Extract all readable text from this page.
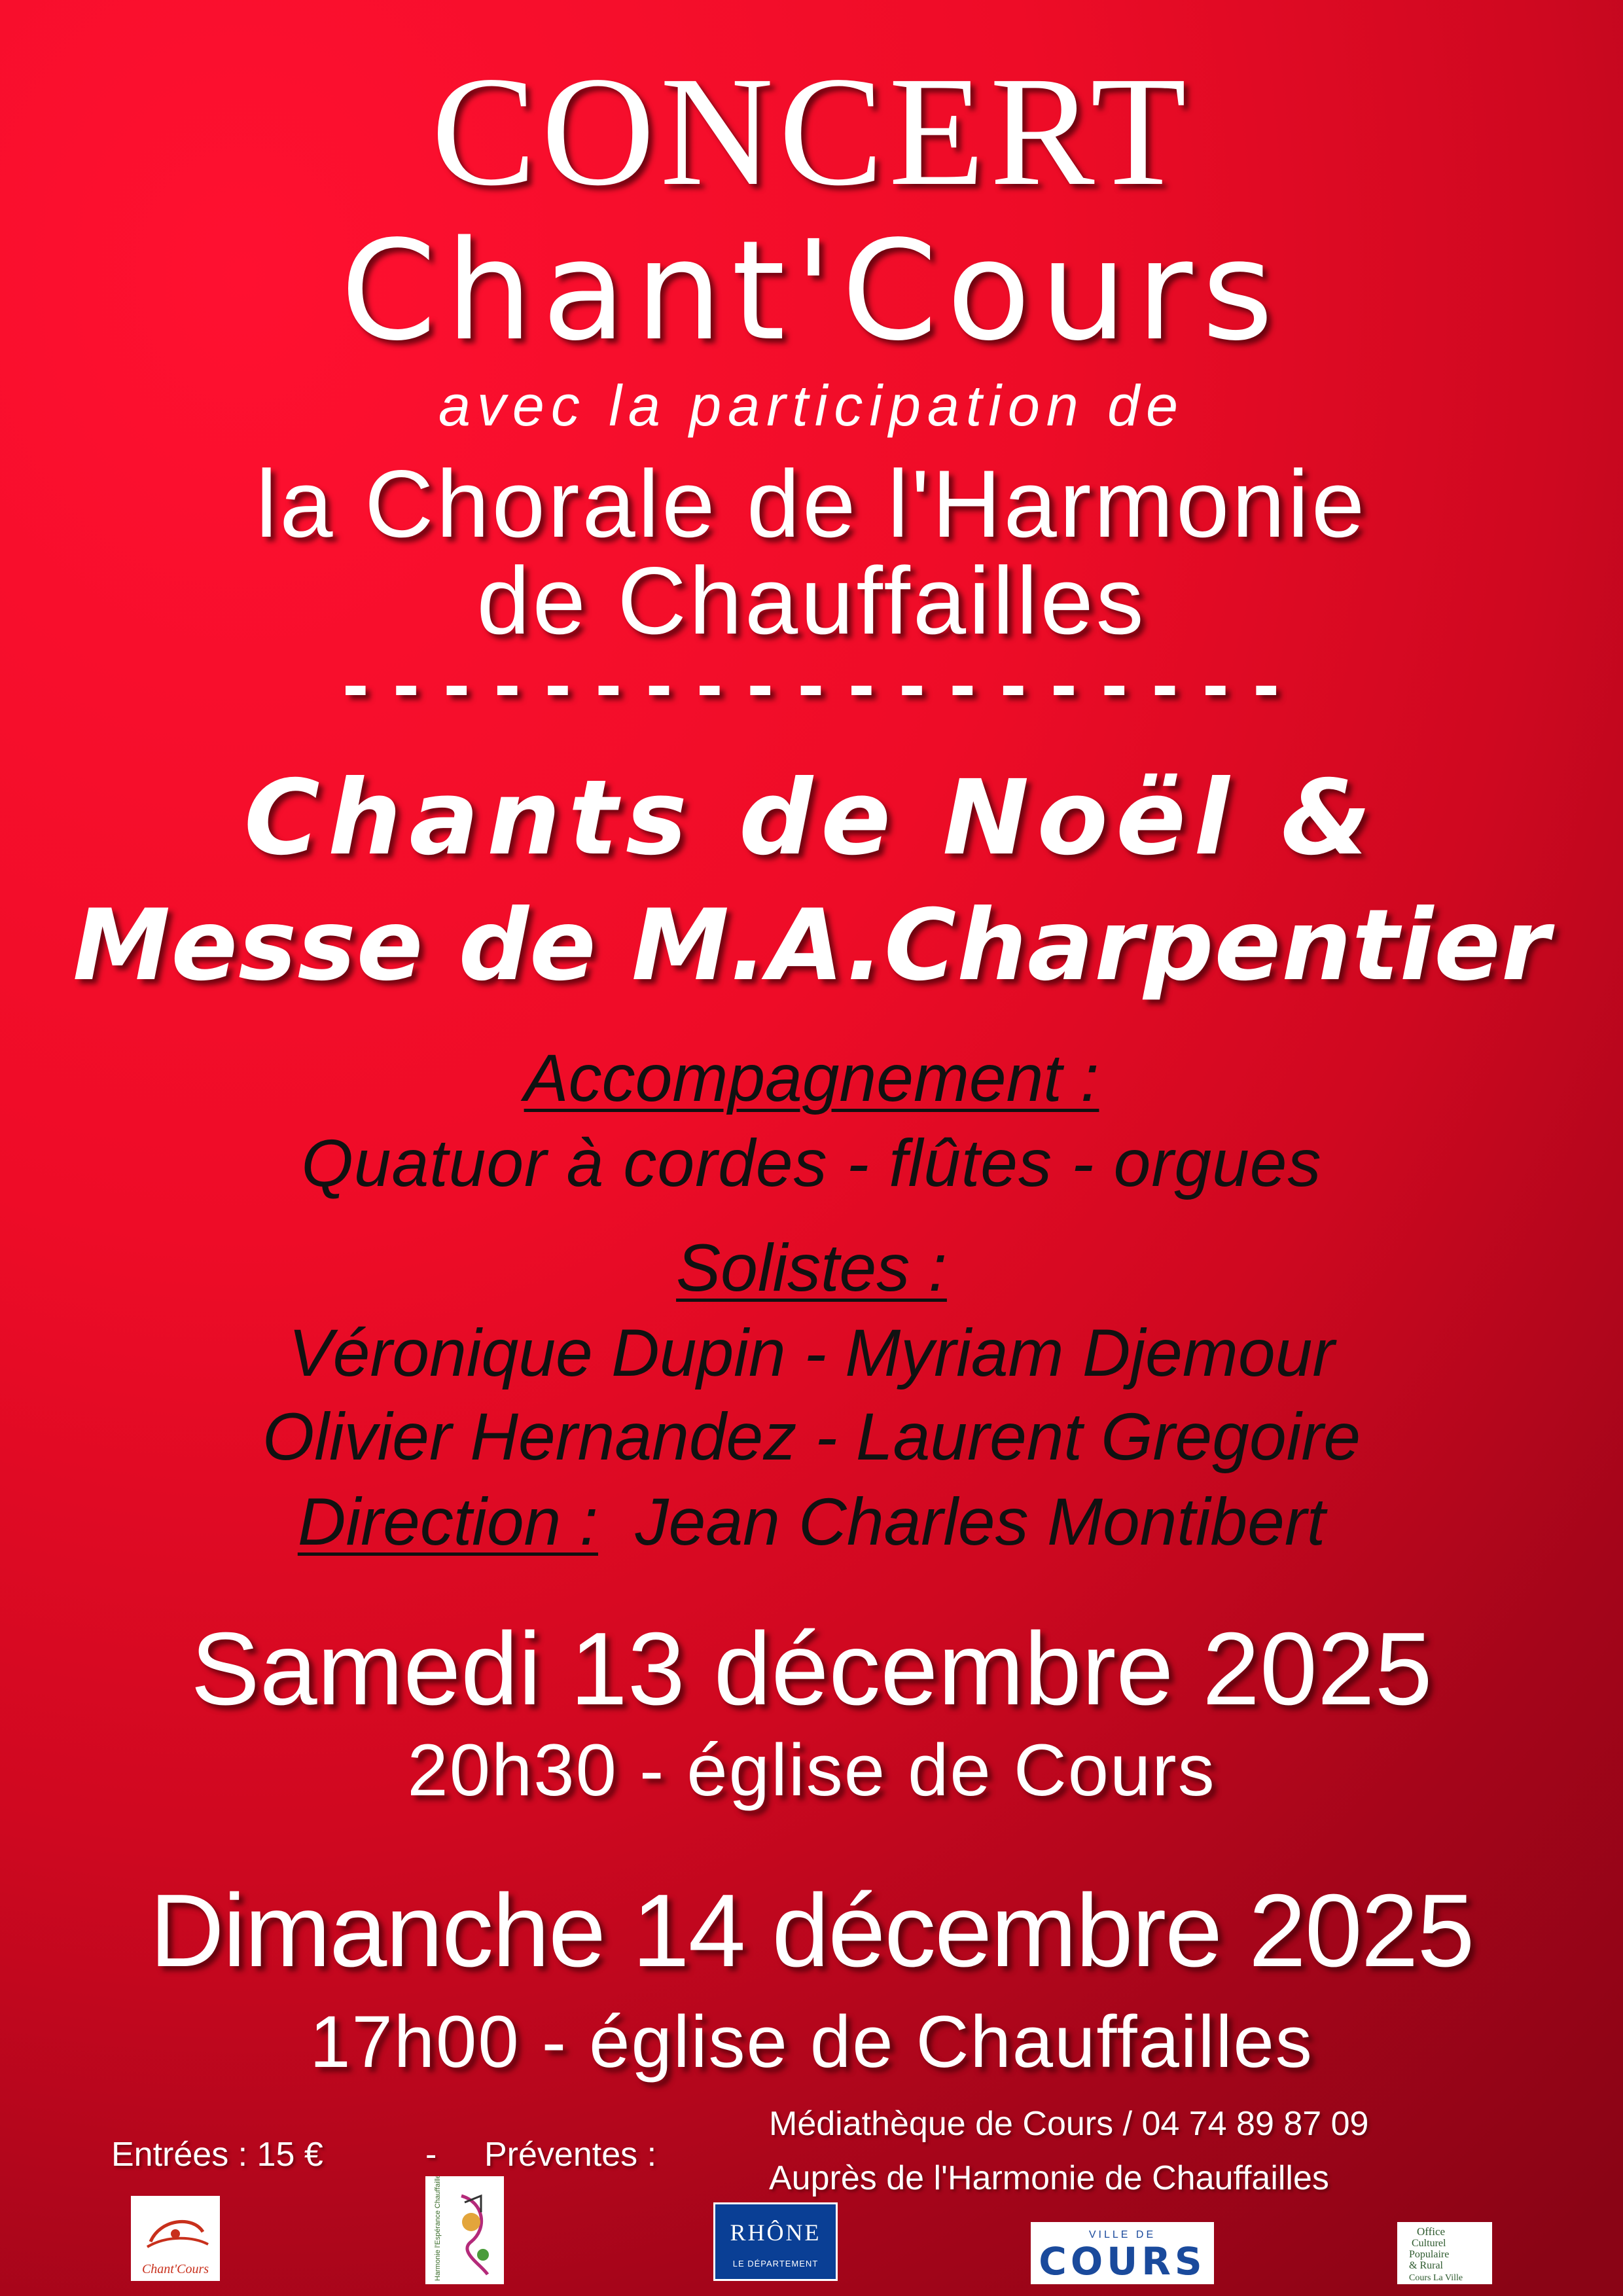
CONCERT
Chant'Cours
avec la participation de
la Chorale de l'Harmonie
de Chauffailles
- - - - - - - - - - - - - - - - - - -
Chants de Noël &
Messe de M.A.Charpentier
Accompagnement :
Quatuor à cordes - flûtes - orgues
Solistes :
Véronique Dupin - Myriam Djemour
Olivier Hernandez - Laurent Gregoire
Direction : Jean Charles Montibert
Samedi 13 décembre 2025
20h30 - église de Cours
Dimanche 14 décembre 2025
17h00 - église de Chauffailles
Entrées : 15 €	- Préventes :
Médiathèque de Cours / 04 74 89 87 09
Auprès de l'Harmonie de Chauffailles
Chant'Cours	Harmonie l'Espérance Chauffailles	RHÔNE
LE DÉPARTEMENT
VILLE DE
COURS
Office
Culturel
Populaire
& Rural
Cours La Ville
